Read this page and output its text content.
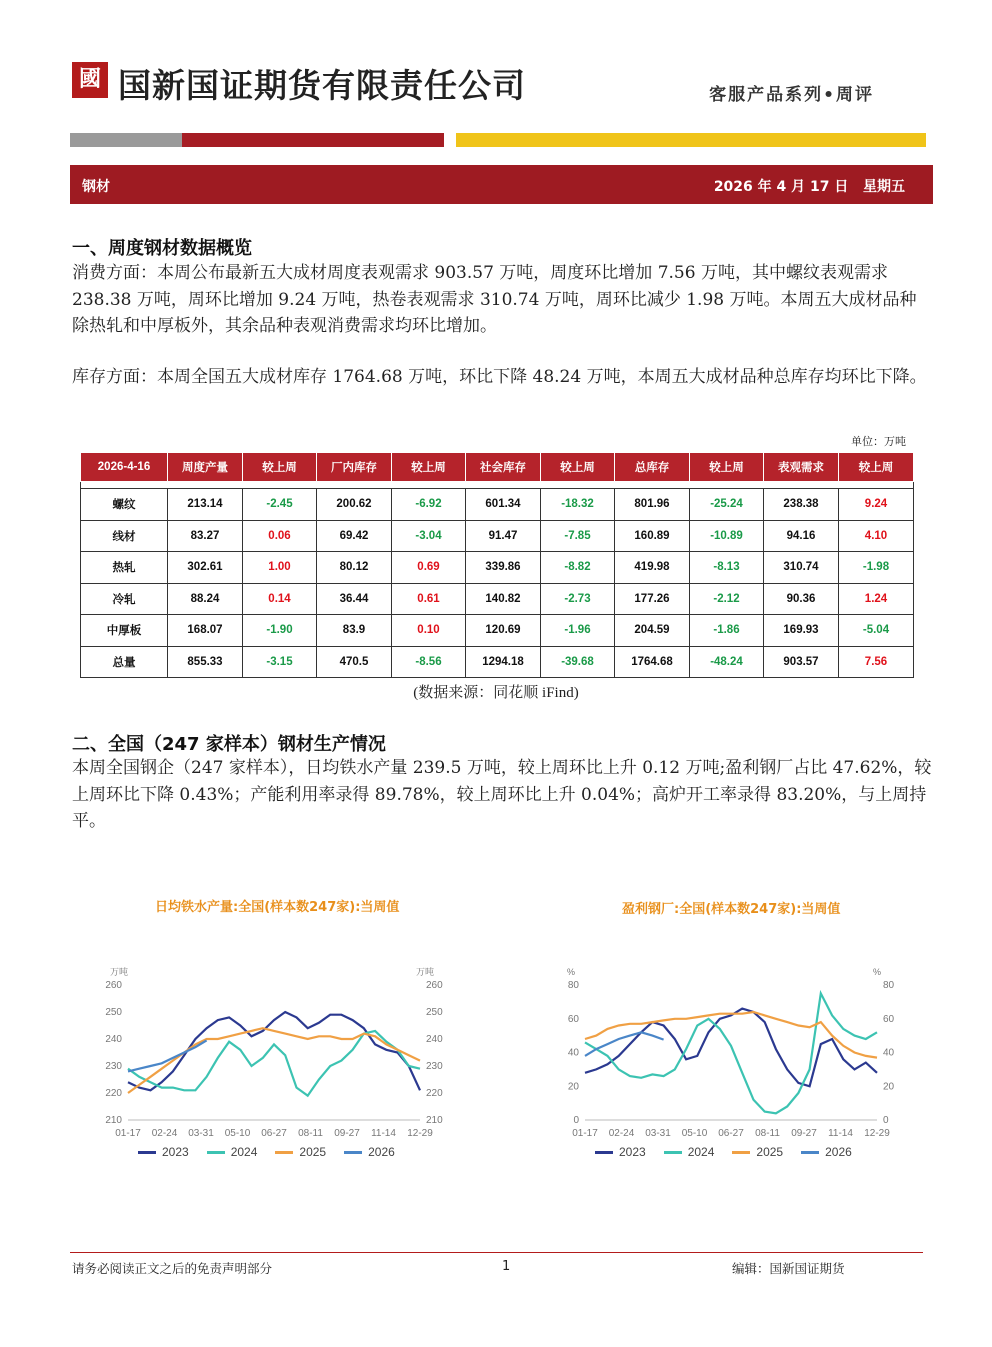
國 国新国证期货有限责任公司	客服产品系列•周评
钢材	2026 年 4 月 17 日 星期五
一、周度钢材数据概览
消费方面：本周公布最新五大成材周度表观需求 903.57 万吨，周度环比增加 7.56 万吨，其中螺纹表观需求 238.38 万吨，周环比增加 9.24 万吨，热卷表观需求 310.74 万吨，周环比减少 1.98 万吨。本周五大成材品种除热轧和中厚板外，其余品种表观消费需求均环比增加。
库存方面：本周全国五大成材库存 1764.68 万吨，环比下降 48.24 万吨，本周五大成材品种总库存均环比下降。
单位：万吨
2026-4-16	周度产量	较上周	厂内库存	较上周	社会库存	较上周	总库存	较上周	表观需求	较上周

螺纹	213.14	-2.45	200.62	-6.92	601.34	-18.32	801.96	-25.24	238.38	9.24
线材	83.27	0.06	69.42	-3.04	91.47	-7.85	160.89	-10.89	94.16	4.10
热轧	302.61	1.00	80.12	0.69	339.86	-8.82	419.98	-8.13	310.74	-1.98
冷轧	88.24	0.14	36.44	0.61	140.82	-2.73	177.26	-2.12	90.36	1.24
中厚板	168.07	-1.90	83.9	0.10	120.69	-1.96	204.59	-1.86	169.93	-5.04
总量	855.33	-3.15	470.5	-8.56	1294.18	-39.68	1764.68	-48.24	903.57	7.56
(数据来源：同花顺 iFind)
二、全国（247 家样本）钢材生产情况
本周全国钢企（247 家样本），日均铁水产量 239.5 万吨，较上周环比上升 0.12 万吨;盈利钢厂占比 47.62%，较上周环比下降 0.43%；产能利用率录得 89.78%，较上周环比上升 0.04%；高炉开工率录得 83.20%，与上周持平。
日均铁水产量:全国(样本数247家):当周值
万吨	万吨
210	210
220	220
230	230
240	240
250	250
260	260
01-17 02-24 03-31 05-10 06-27 08-11 09-27 11-14 12-29
2023	2024	2025	2026
盈利钢厂:全国(样本数247家):当周值
%	%
0	0
20	20
40	40
60	60
80	80
01-17 02-24 03-31 05-10 06-27 08-11 09-27 11-14 12-29
2023	2024	2025	2026
请务必阅读正文之后的免责声明部分	1	编辑：国新国证期货
